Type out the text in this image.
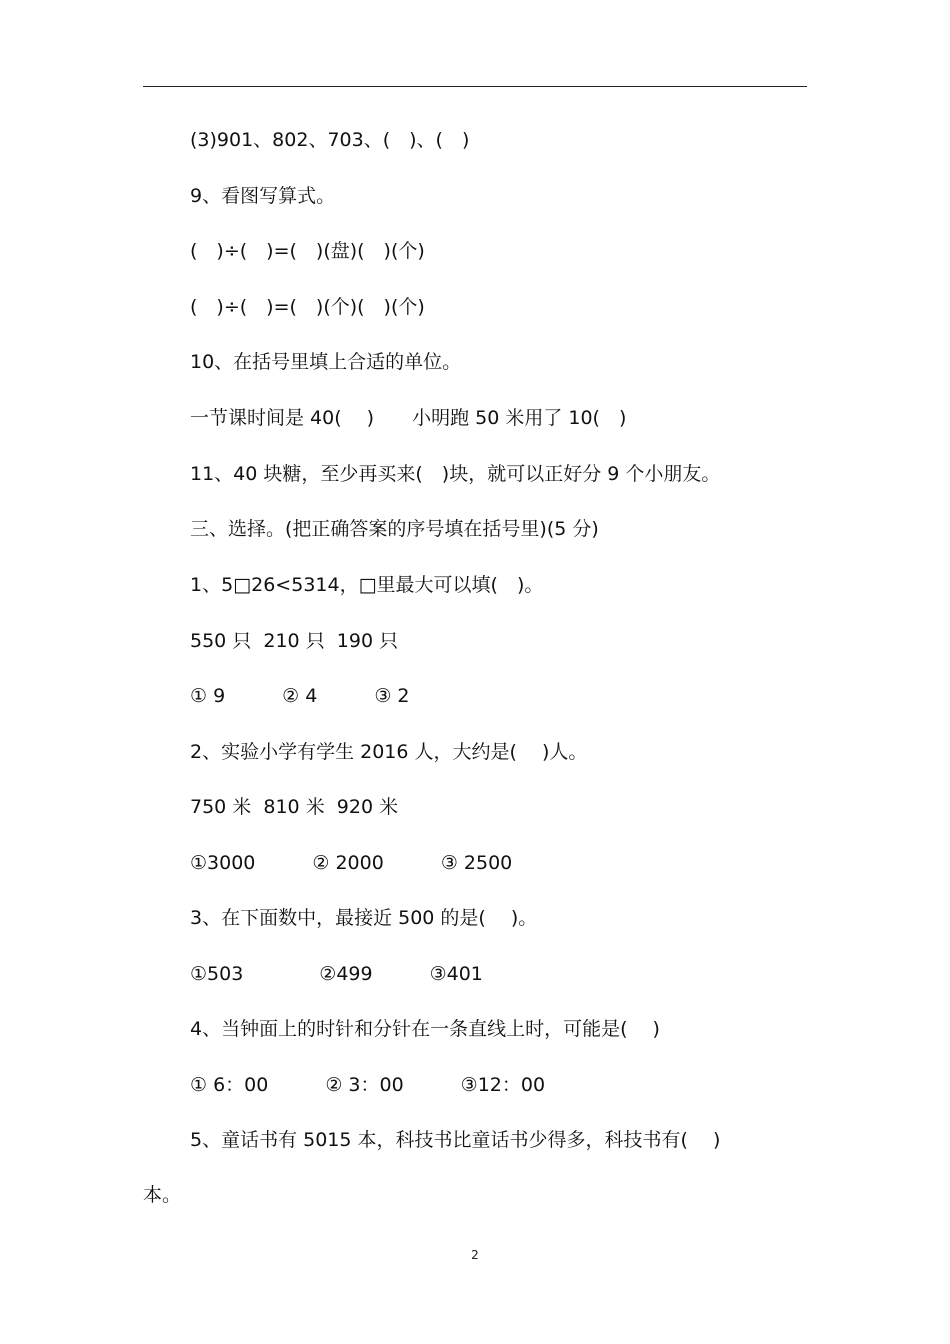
(3)901、802、703、(　)、(　)
9、看图写算式。
(　)÷(　)=(　)(盘)(　)(个)
(　)÷(　)=(　)(个)(　)(个)
10、在括号里填上合适的单位。
一节课时间是 40(　 )　　小明跑 50 米用了 10(　)
11、40 块糖，至少再买来(　)块，就可以正好分 9 个小朋友。
三、选择。(把正确答案的序号填在括号里)(5 分)
1、5□26<5314，□里最大可以填(　)。
550 只  210 只  190 只
① 9　　　② 4　　　③ 2
2、实验小学有学生 2016 人，大约是(　 )人。
750 米  810 米  920 米
①3000　　　② 2000　　　③ 2500
3、在下面数中，最接近 500 的是(　 )。
①503　　　　②499　　　③401
4、当钟面上的时针和分针在一条直线上时，可能是(　 )
① 6：00　　　② 3：00　　　③12：00
5、童话书有 5015 本，科技书比童话书少得多，科技书有(　 )
本。
2
